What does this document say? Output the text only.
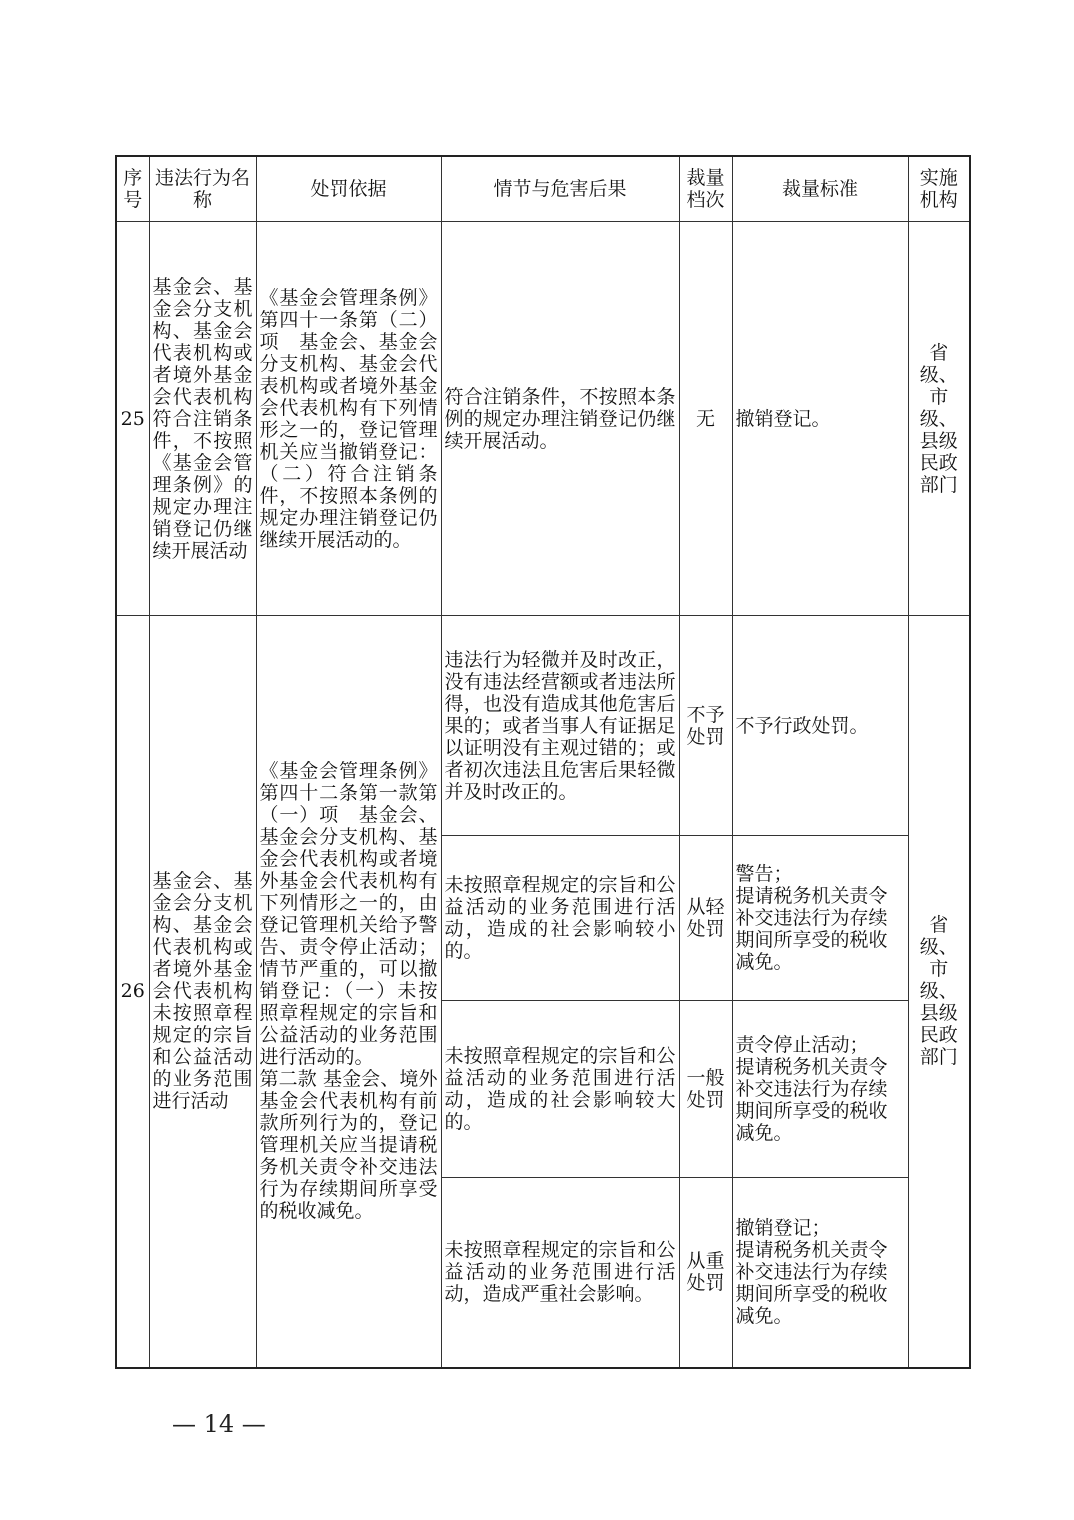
序号	违法行为名称	处罚依据	情节与危害后果	裁量档次	裁量标准	实施机构
25	基金会、基金会分支机构、基金会代表机构或者境外基金会代表机构符合注销条件，不按照《基金会管理条例》的规定办理注销登记仍继续开展活动	《基金会管理条例》第四十一条第（二）项　基金会、基金会分支机构、基金会代表机构或者境外基金会代表机构有下列情形之一的，登记管理机关应当撤销登记：（二）符合注销条件，不按照本条例的规定办理注销登记仍继续开展活动的。	符合注销条件，不按照本条例的规定办理注销登记仍继续开展活动。	无	撤销登记。	省级、市级、县级民政部门
26	基金会、基金会分支机构、基金会代表机构或者境外基金会代表机构未按照章程规定的宗旨和公益活动的业务范围进行活动	《基金会管理条例》第四十二条第一款第（一）项　基金会、基金会分支机构、基金会代表机构或者境外基金会代表机构有下列情形之一的，由登记管理机关给予警告、责令停止活动；情节严重的，可以撤销登记：（一）未按照章程规定的宗旨和公益活动的业务范围进行活动的。
第二款 基金会、境外基金会代表机构有前款所列行为的，登记管理机关应当提请税务机关责令补交违法行为存续期间所享受的税收减免。	违法行为轻微并及时改正，没有违法经营额或者违法所得，也没有造成其他危害后果的；或者当事人有证据足以证明没有主观过错的；或者初次违法且危害后果轻微并及时改正的。	不予处罚	不予行政处罚。	省级、市级、县级民政部门
			未按照章程规定的宗旨和公益活动的业务范围进行活动，造成的社会影响较小的。	从轻处罚	警告；
提请税务机关责令补交违法行为存续期间所享受的税收减免。	
			未按照章程规定的宗旨和公益活动的业务范围进行活动，造成的社会影响较大的。	一般处罚	责令停止活动；
提请税务机关责令补交违法行为存续期间所享受的税收减免。	
			未按照章程规定的宗旨和公益活动的业务范围进行活动，造成严重社会影响。	从重处罚	撤销登记；
提请税务机关责令补交违法行为存续期间所享受的税收减免。	
— 14 —
